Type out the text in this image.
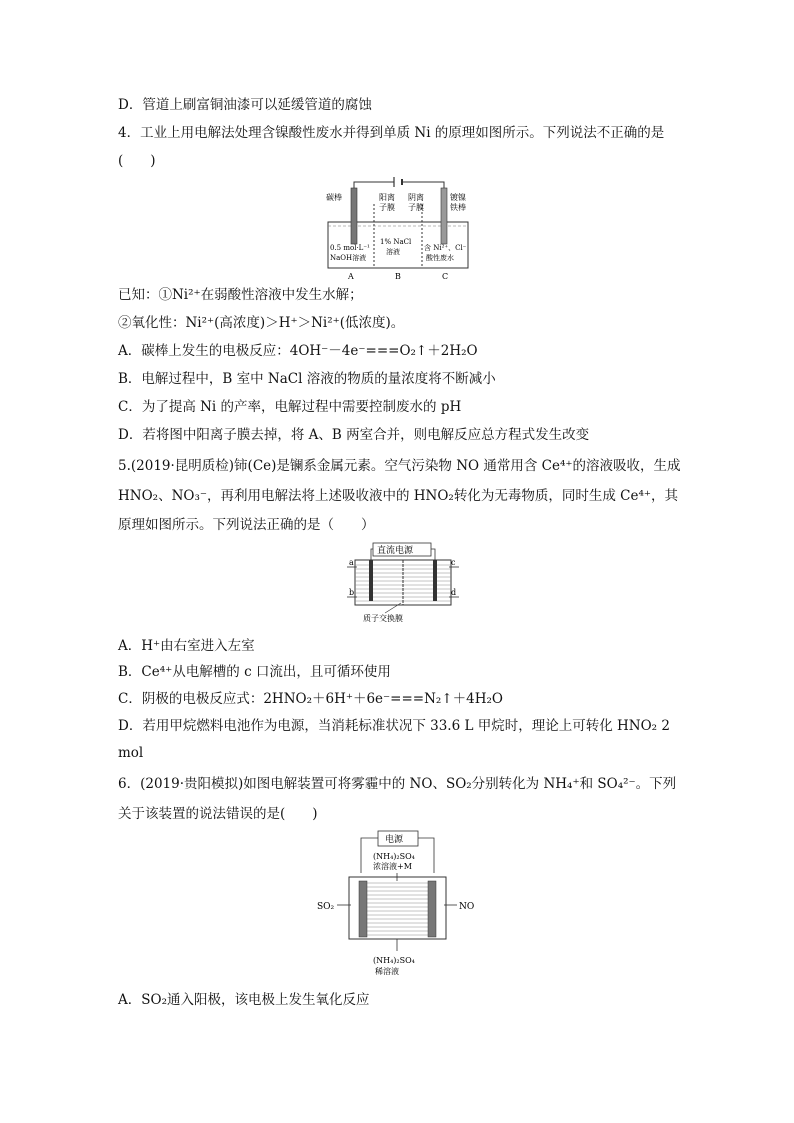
D．管道上刷富铜油漆可以延缓管道的腐蚀
4．工业上用电解法处理含镍酸性废水并得到单质 Ni 的原理如图所示。下列说法不正确的是
(　　)
碳棒	阳离
子膜
阴离
子膜
镀镍
铁棒
0.5 mol·L⁻¹
NaOH溶液
1% NaCl
溶液	含 Ni²⁺、Cl⁻
酸性废水
A	B	C
已知：①Ni²⁺在弱酸性溶液中发生水解；
②氧化性：Ni²⁺(高浓度)＞H⁺＞Ni²⁺(低浓度)。
A．碳棒上发生的电极反应：4OH⁻－4e⁻===O₂↑＋2H₂O
B．电解过程中，B 室中 NaCl 溶液的物质的量浓度将不断减小
C．为了提高 Ni 的产率，电解过程中需要控制废水的 pH
D．若将图中阳离子膜去掉，将 A、B 两室合并，则电解反应总方程式发生改变
5.(2019·昆明质检)铈(Ce)是镧系金属元素。空气污染物 NO 通常用含 Ce⁴⁺的溶液吸收，生成
HNO₂、NO₃⁻，再利用电解法将上述吸收液中的 HNO₂转化为无毒物质，同时生成 Ce⁴⁺，其
原理如图所示。下列说法正确的是（　　）
直流电源
a
b
c
d
质子交换膜
A．H⁺由右室进入左室
B．Ce⁴⁺从电解槽的 c 口流出，且可循环使用
C．阴极的电极反应式：2HNO₂＋6H⁺＋6e⁻===N₂↑＋4H₂O
D．若用甲烷燃料电池作为电源，当消耗标准状况下 33.6 L 甲烷时，理论上可转化 HNO₂ 2
mol
6．(2019·贵阳模拟)如图电解装置可将雾霾中的 NO、SO₂分别转化为 NH₄⁺和 SO₄²⁻。下列
关于该装置的说法错误的是(　　)
电源
(NH₄)₂SO₄
浓溶液+M
SO₂	NO
(NH₄)₂SO₄
稀溶液
A．SO₂通入阳极，该电极上发生氧化反应
